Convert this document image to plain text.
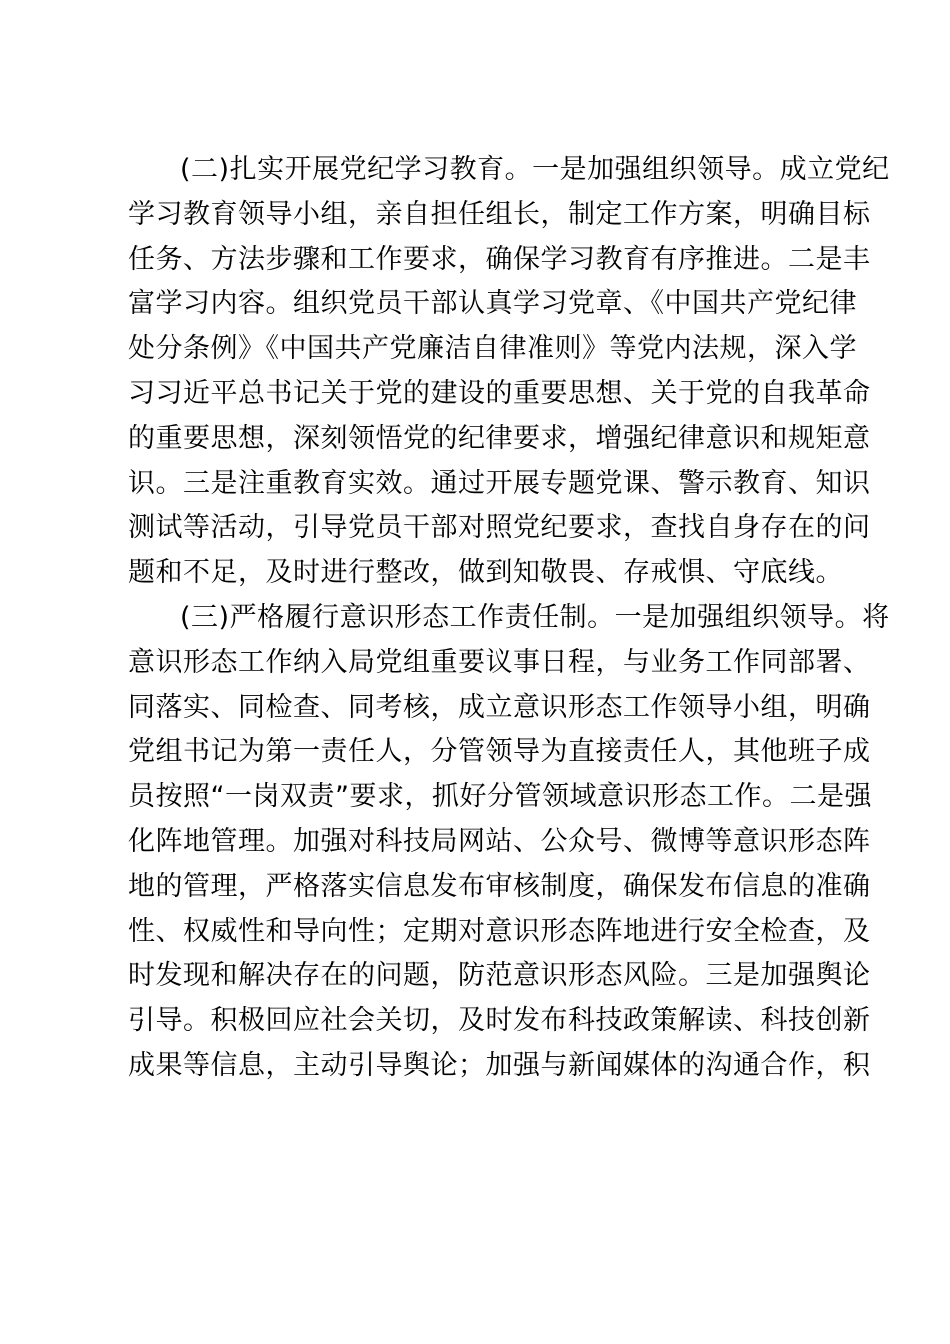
(二)扎实开展党纪学习教育。一是加强组织领导。成立党纪
学习教育领导小组，亲自担任组长，制定工作方案，明确目标
任务、方法步骤和工作要求，确保学习教育有序推进。二是丰
富学习内容。组织党员干部认真学习党章、《中国共产党纪律
处分条例》《中国共产党廉洁自律准则》等党内法规，深入学
习习近平总书记关于党的建设的重要思想、关于党的自我革命
的重要思想，深刻领悟党的纪律要求，增强纪律意识和规矩意
识。三是注重教育实效。通过开展专题党课、警示教育、知识
测试等活动，引导党员干部对照党纪要求，查找自身存在的问
题和不足，及时进行整改，做到知敬畏、存戒惧、守底线。
(三)严格履行意识形态工作责任制。一是加强组织领导。将
意识形态工作纳入局党组重要议事日程，与业务工作同部署、
同落实、同检查、同考核，成立意识形态工作领导小组，明确
党组书记为第一责任人，分管领导为直接责任人，其他班子成
员按照“一岗双责”要求，抓好分管领域意识形态工作。二是强
化阵地管理。加强对科技局网站、公众号、微博等意识形态阵
地的管理，严格落实信息发布审核制度，确保发布信息的准确
性、权威性和导向性；定期对意识形态阵地进行安全检查，及
时发现和解决存在的问题，防范意识形态风险。三是加强舆论
引导。积极回应社会关切，及时发布科技政策解读、科技创新
成果等信息，主动引导舆论；加强与新闻媒体的沟通合作，积
